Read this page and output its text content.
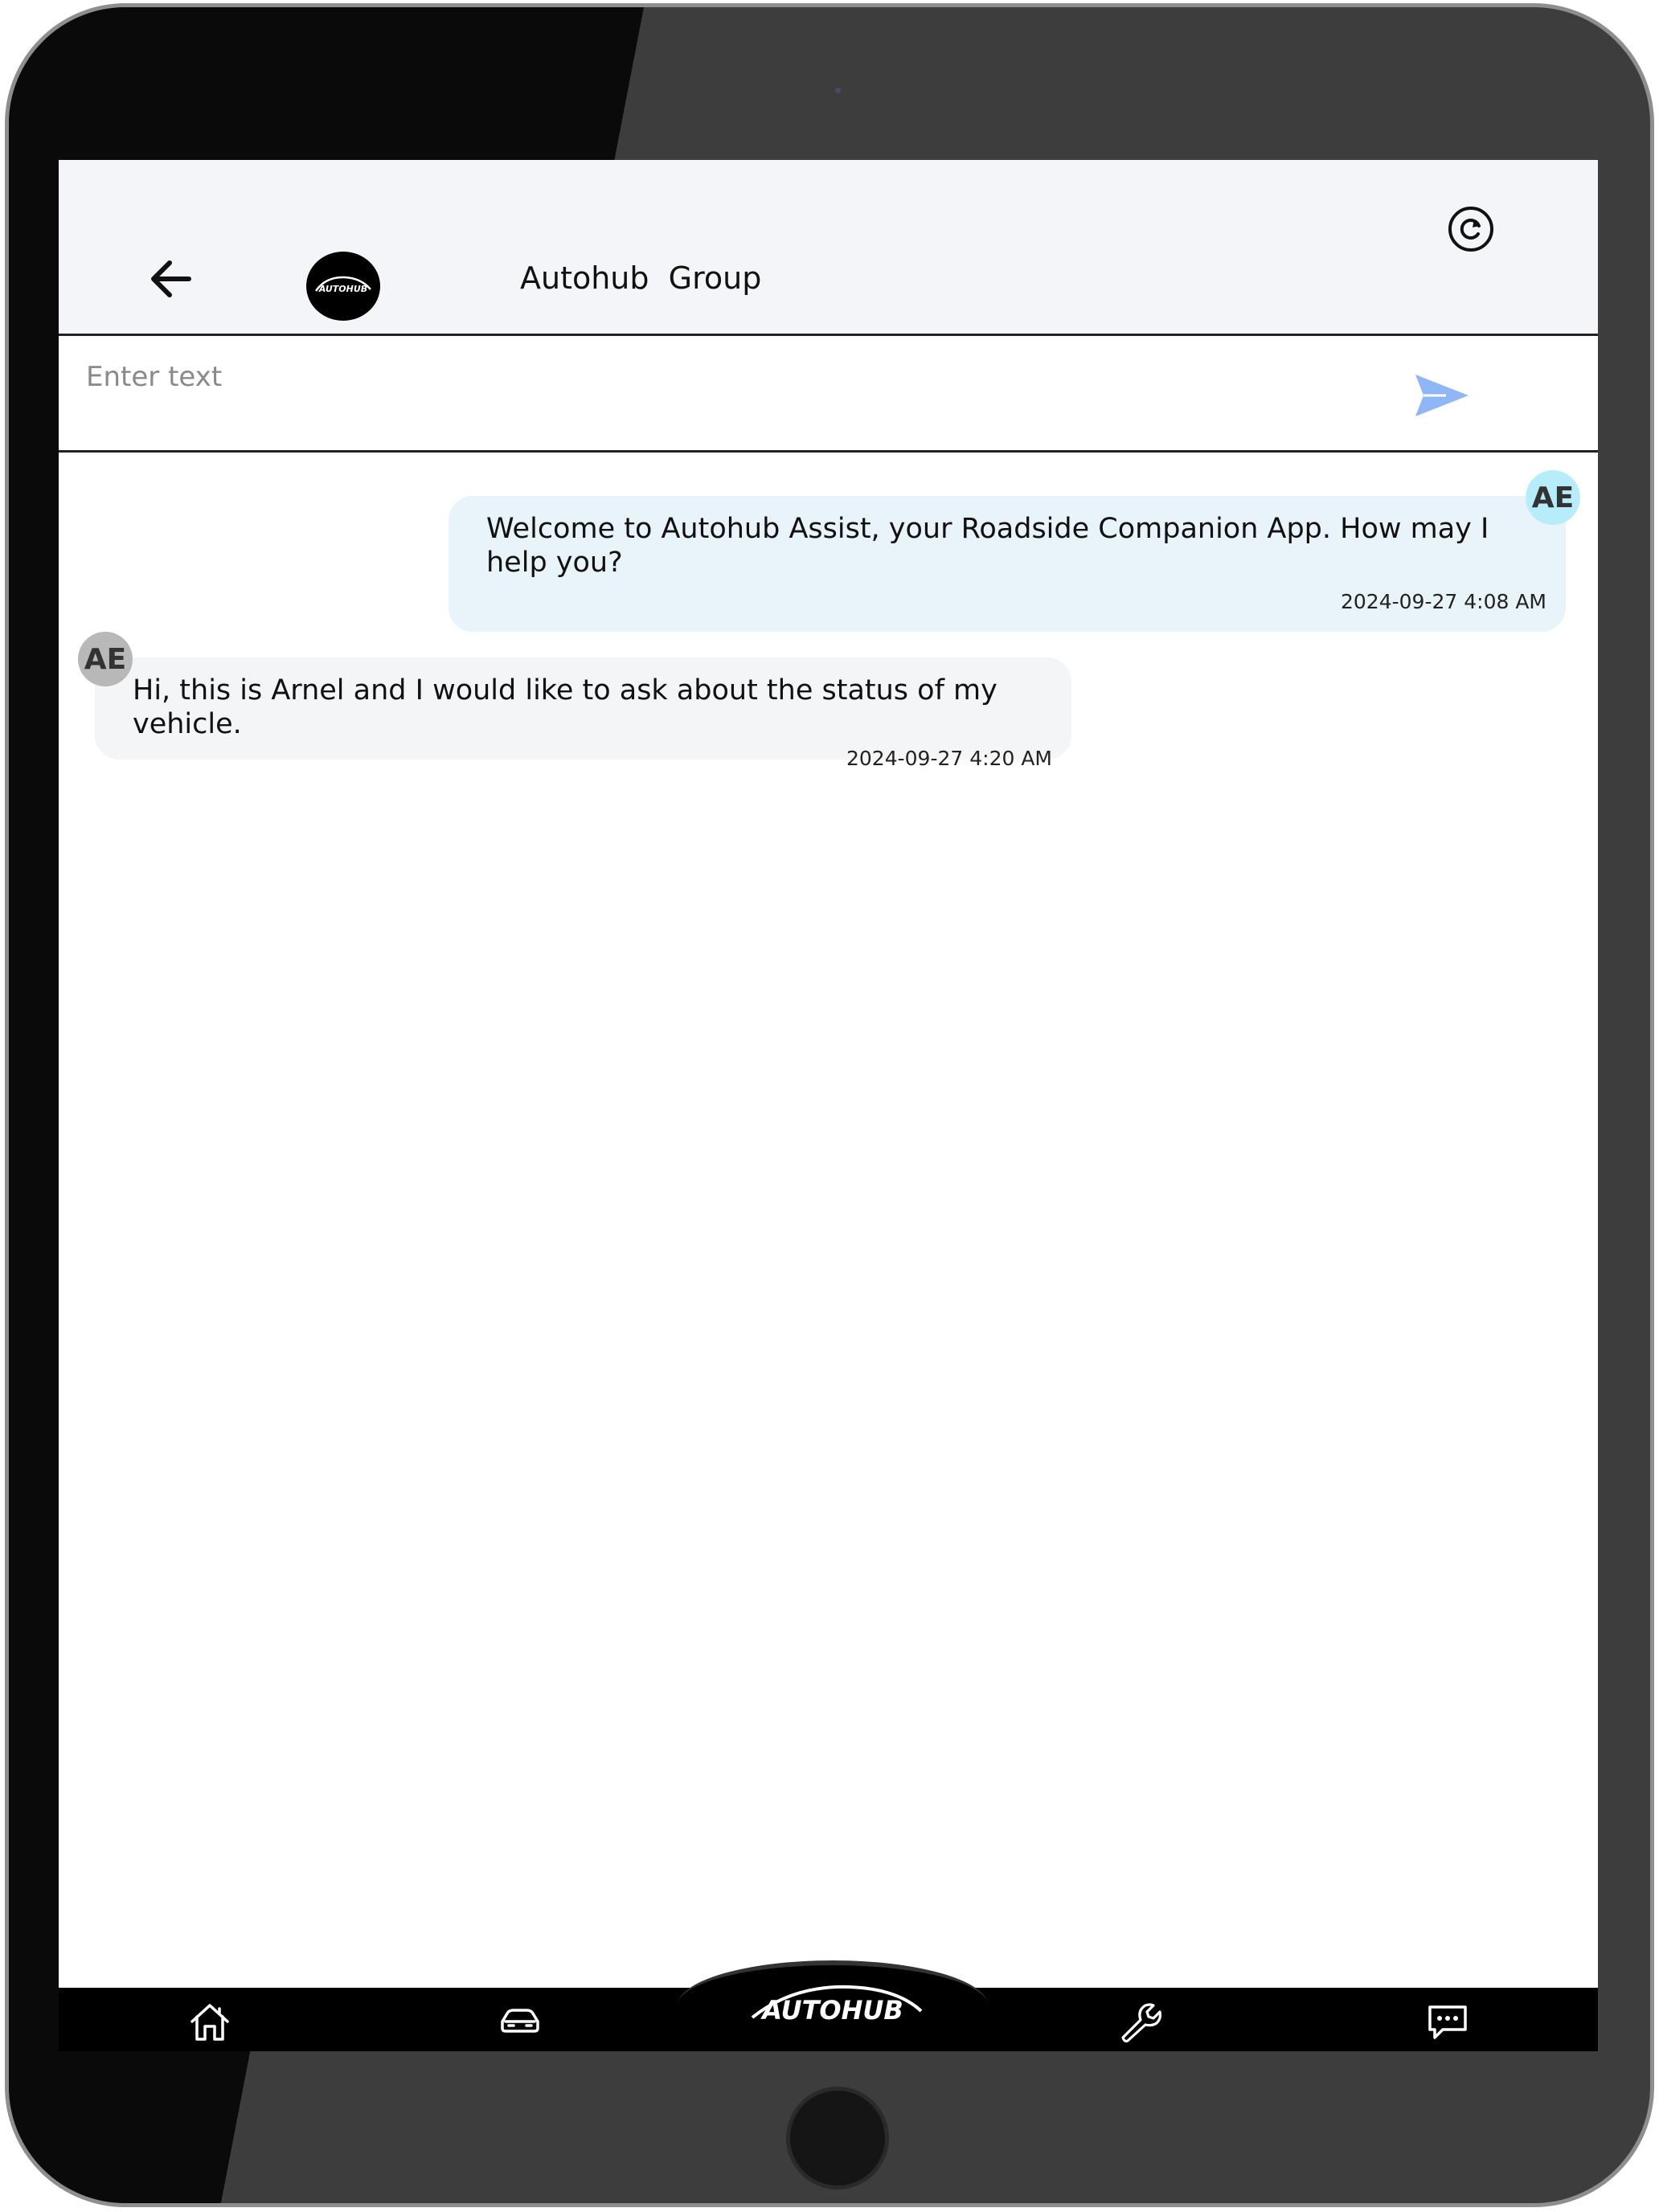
AUTOHUB	Autohub  Group
Enter text
Welcome to Autohub Assist, your Roadside Companion App. How may I help you?
2024-09-27 4:08 AM
AE
Hi, this is Arnel and I would like to ask about the status of my vehicle.
2024-09-27 4:20 AM
AE
AUTOHUB
